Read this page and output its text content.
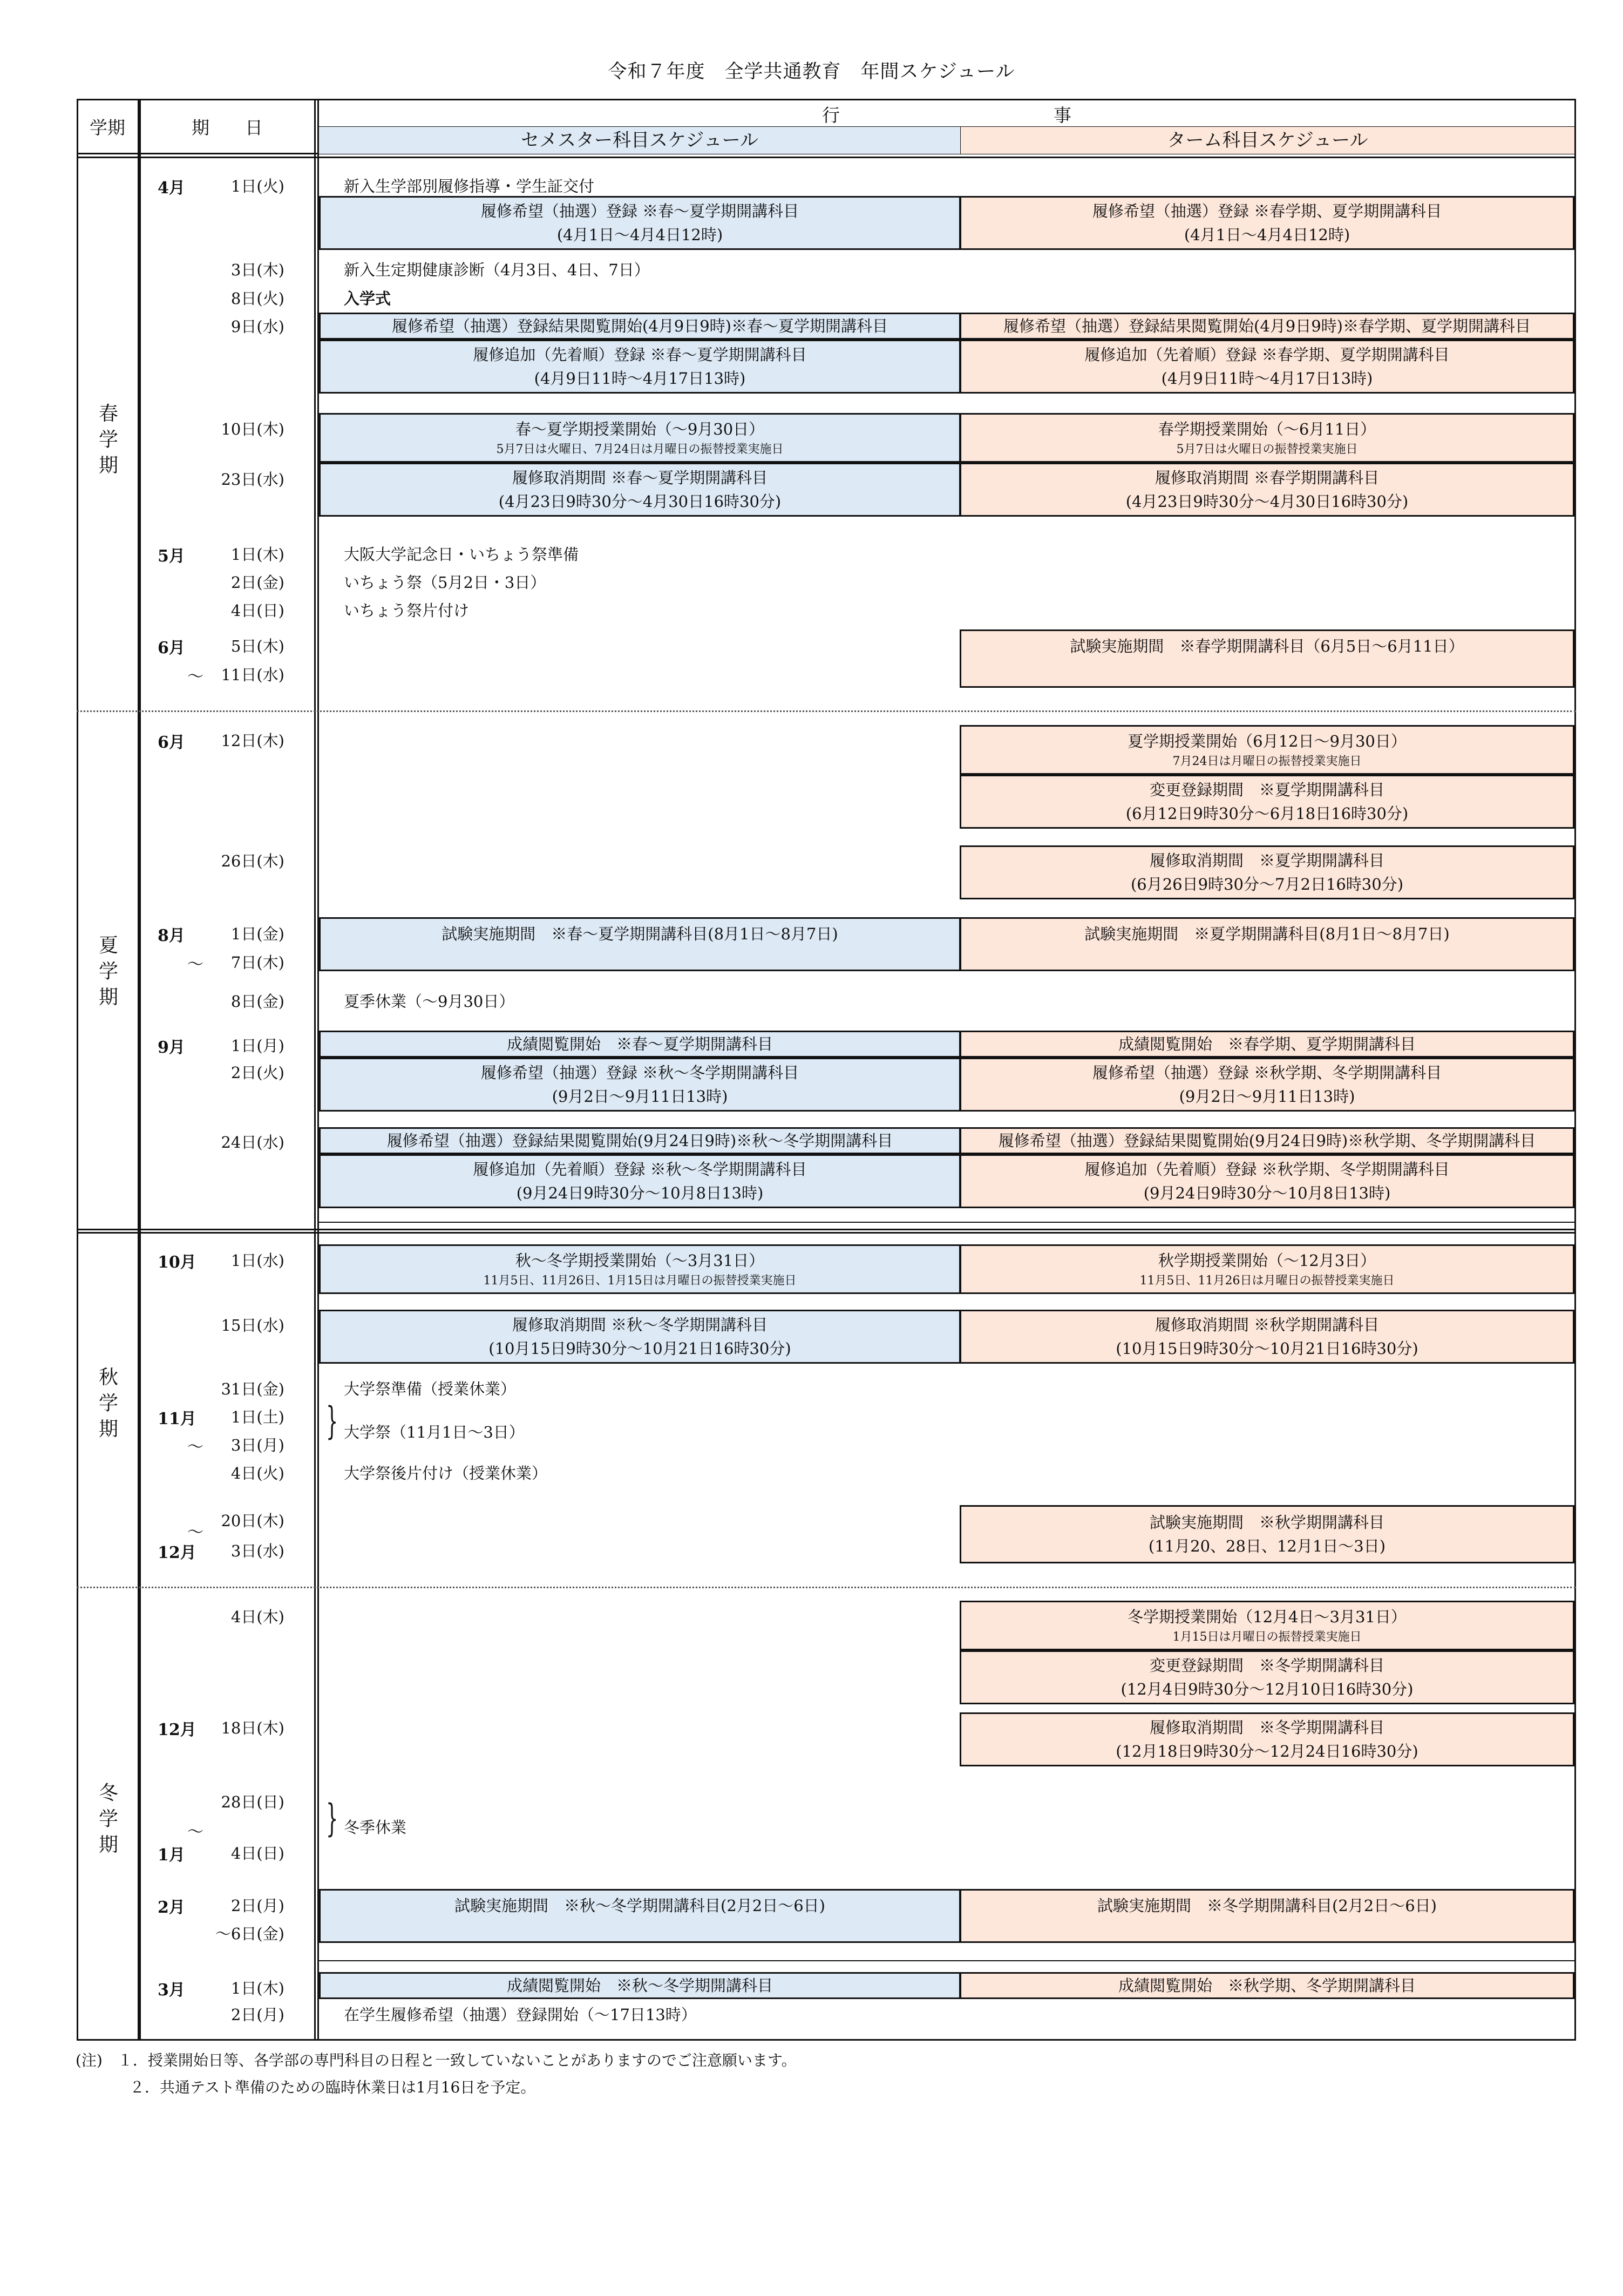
令和７年度　全学共通教育　年間スケジュール
セメスター科目スケジュール	ターム科目スケジュール
学期	期　　日
行　　　　　　　　　　　　事
春
学
期
夏
学
期
秋
学
期
冬
学
期
4月
5月
6月
～
6月
8月
～
9月
10月
11月
～
～
12月
12月
～
1月
2月
3月
1日(火)
3日(木)
8日(火)
9日(水)
10日(木)
23日(水)
1日(木)
2日(金)
4日(日)
5日(木)
11日(水)
12日(木)
26日(木)
1日(金)
7日(木)
8日(金)
1日(月)
2日(火)
24日(水)
1日(水)
15日(水)
31日(金)
1日(土)
3日(月)
4日(火)
20日(木)
3日(水)
4日(木)
18日(木)
28日(日)
4日(日)
2日(月)
～6日(金)
1日(木)
2日(月)
新入生学部別履修指導・学生証交付
新入生定期健康診断（4月3日、4日、7日）
入学式
大阪大学記念日・いちょう祭準備
いちょう祭（5月2日・3日）
いちょう祭片付け
夏季休業（～9月30日）
大学祭準備（授業休業）
大学祭（11月1日～3日）
大学祭後片付け（授業休業）
冬季休業
在学生履修希望（抽選）登録開始（～17日13時）
}
}
履修希望（抽選）登録 ※春～夏学期開講科目
(4月1日～4月4日12時)
履修希望（抽選）登録結果閲覧開始(4月9日9時)※春～夏学期開講科目
履修追加（先着順）登録 ※春～夏学期開講科目
(4月9日11時～4月17日13時)
春～夏学期授業開始（～9月30日）
5月7日は火曜日、7月24日は月曜日の振替授業実施日
履修取消期間 ※春～夏学期開講科目
(4月23日9時30分～4月30日16時30分)
試験実施期間　※春～夏学期開講科目(8月1日～8月7日)
成績閲覧開始　※春～夏学期開講科目
履修希望（抽選）登録 ※秋～冬学期開講科目
(9月2日～9月11日13時)
履修希望（抽選）登録結果閲覧開始(9月24日9時)※秋～冬学期開講科目
履修追加（先着順）登録 ※秋～冬学期開講科目
(9月24日9時30分～10月8日13時)
秋～冬学期授業開始（～3月31日）
11月5日、11月26日、1月15日は月曜日の振替授業実施日
履修取消期間 ※秋～冬学期開講科目
(10月15日9時30分～10月21日16時30分)
試験実施期間　※秋～冬学期開講科目(2月2日～6日)
成績閲覧開始　※秋～冬学期開講科目
履修希望（抽選）登録 ※春学期、夏学期開講科目
(4月1日～4月4日12時)
履修希望（抽選）登録結果閲覧開始(4月9日9時)※春学期、夏学期開講科目
履修追加（先着順）登録 ※春学期、夏学期開講科目
(4月9日11時～4月17日13時)
春学期授業開始（～6月11日）
5月7日は火曜日の振替授業実施日
履修取消期間 ※春学期開講科目
(4月23日9時30分～4月30日16時30分)
試験実施期間　※春学期開講科目（6月5日～6月11日）
夏学期授業開始（6月12日～9月30日）
7月24日は月曜日の振替授業実施日
変更登録期間　※夏学期開講科目
(6月12日9時30分～6月18日16時30分)
履修取消期間　※夏学期開講科目
(6月26日9時30分～7月2日16時30分)
試験実施期間　※夏学期開講科目(8月1日～8月7日)
成績閲覧開始　※春学期、夏学期開講科目
履修希望（抽選）登録 ※秋学期、冬学期開講科目
(9月2日～9月11日13時)
履修希望（抽選）登録結果閲覧開始(9月24日9時)※秋学期、冬学期開講科目
履修追加（先着順）登録 ※秋学期、冬学期開講科目
(9月24日9時30分～10月8日13時)
秋学期授業開始（～12月3日）
11月5日、11月26日は月曜日の振替授業実施日
履修取消期間 ※秋学期開講科目
(10月15日9時30分～10月21日16時30分)
試験実施期間　※秋学期開講科目
(11月20、28日、12月1日～3日)
冬学期授業開始（12月4日～3月31日）
1月15日は月曜日の振替授業実施日
変更登録期間　※冬学期開講科目
(12月4日9時30分～12月10日16時30分)
履修取消期間　※冬学期開講科目
(12月18日9時30分～12月24日16時30分)
試験実施期間　※冬学期開講科目(2月2日～6日)
成績閲覧開始　※秋学期、冬学期開講科目
(注)　１．授業開始日等、各学部の専門科目の日程と一致していないことがありますのでご注意願います。
２．共通テスト準備のための臨時休業日は1月16日を予定。
